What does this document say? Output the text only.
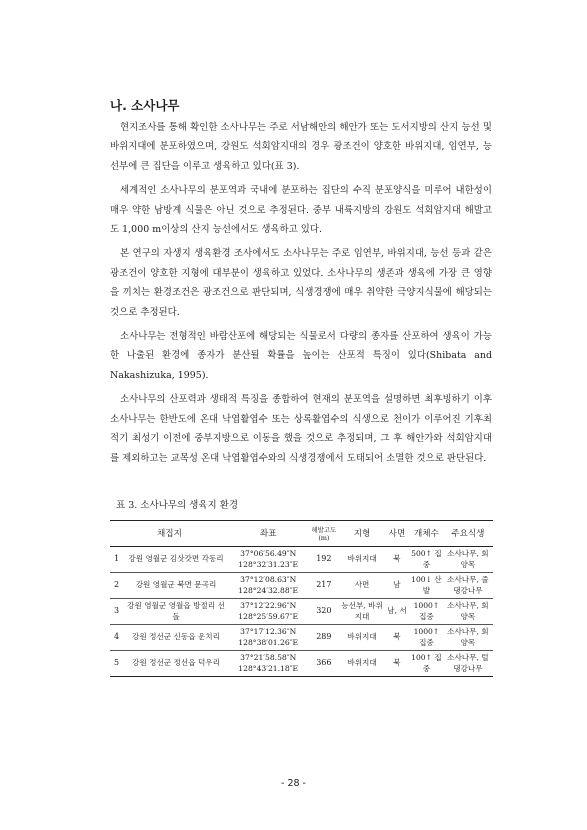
나. 소사나무

현지조사를 통해 확인한 소사나무는 주로 서남해안의 해안가 또는 도서지방의 산지 능선 및 바위지대에 분포하였으며, 강원도 석회암지대의 경우 광조건이 양호한 바위지대, 임연부, 능선부에 큰 집단을 이루고 생육하고 있다(표 3).

세계적인 소사나무의 분포역과 국내에 분포하는 집단의 수직 분포양식을 미루어 내한성이 매우 약한 남방계 식물은 아닌 것으로 추정된다. 중부 내륙지방의 강원도 석회암지대 해발고도 1,000 m이상의 산지 능선에서도 생육하고 있다.

본 연구의 자생지 생육환경 조사에서도 소사나무는 주로 임연부, 바위지대, 능선 등과 같은 광조건이 양호한 지형에 대부분이 생육하고 있었다. 소사나무의 생존과 생육에 가장 큰 영향을 끼치는 환경조건은 광조건으로 판단되며, 식생경쟁에 매우 취약한 극양지식물에 해당되는 것으로 추정된다.

소사나무는 전형적인 바람산포에 해당되는 식물로서 다량의 종자를 산포하여 생육이 가능한 나출된 환경에 종자가 분산될 확률을 높이는 산포적 특징이 있다(Shibata and Nakashizuka, 1995).

소사나무의 산포력과 생태적 특징을 종합하여 현재의 분포역을 설명하면 최후빙하기 이후 소사나무는 한반도에 온대 낙엽활엽수 또는 상록활엽수의 식생으로 천이가 이루어진 기후최적기 최성기 이전에 중부지방으로 이동을 했을 것으로 추정되며, 그 후 해안가와 석회암지대를 제외하고는 교목성 온대 낙엽활엽수와의 식생경쟁에서 도태되어 소멸한 것으로 판단된다.

표 3. 소사나무의 생육지 환경
채집지		좌표	해발고도 (m)	지형	사면	개체수	주요식생
1	강원 영월군 김삿갓면 각동리	37°06′56.49″N
128°32′31.23″E	192	바위지대	북	500↑ 집중	소사나무, 회양목
2	강원 영월군 북면 문곡리	37°12′08.63″N
128°24′32.88″E	217	사면	남	100↓ 산발	소사나무, 줄댕강나무
3	강원 영월군 영월읍 방절리 선돌	37°12′22.96″N
128°25′59.67″E	320	능선부, 바위지대	남, 서	1000↑ 집중	소사나무, 회양목
4	강원 정선군 신동읍 운치리	37°17′12.36″N
128°38′01.26″E	289	바위지대	북	1000↑ 집중	소사나무, 회양목
5	강원 정선군 정선읍 덕우리	37°21′58.58″N
128°43′21.18″E	366	바위지대	북	100↑ 집중	소사나무, 털댕강나무
- 28 -
